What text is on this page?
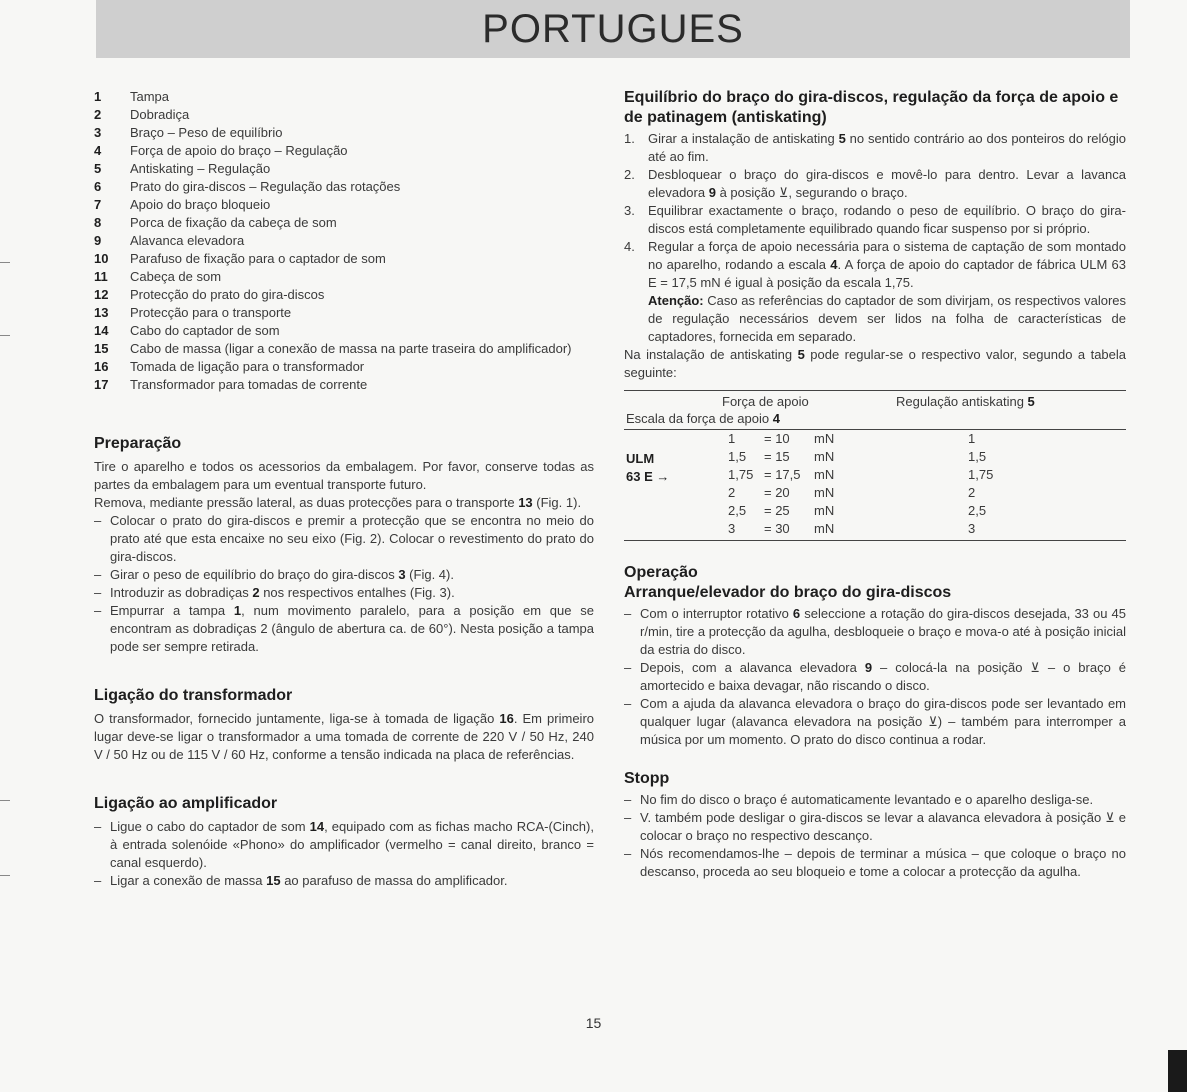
PORTUGUES
1	Tampa
2	Dobradiça
3	Braço – Peso de equilíbrio
4	Força de apoio do braço – Regulação
5	Antiskating – Regulação
6	Prato do gira-discos – Regulação das rotações
7	Apoio do braço bloqueio
8	Porca de fixação da cabeça de som
9	Alavanca elevadora
10	Parafuso de fixação para o captador de som
11	Cabeça de som
12	Protecção do prato do gira-discos
13	Protecção para o transporte
14	Cabo do captador de som
15	Cabo de massa (ligar a conexão de massa na parte traseira do amplificador)
16	Tomada de ligação para o transformador
17	Transformador para tomadas de corrente
Preparação

Tire o aparelho e todos os acessorios da embalagem. Por favor, conserve todas as partes da embalagem para um eventual transporte futuro.

Remova, mediante pressão lateral, as duas protecções para o transporte 13 (Fig. 1).

– Colocar o prato do gira-discos e premir a protecção que se encontra no meio do prato até que esta encaixe no seu eixo (Fig. 2). Colocar o revestimento do prato do gira-discos.
– Girar o peso de equilíbrio do braço do gira-discos 3 (Fig. 4).
– Introduzir as dobradiças 2 nos respectivos entalhes (Fig. 3).
– Empurrar a tampa 1, num movimento paralelo, para a posição em que se encontram as dobradiças 2 (ângulo de abertura ca. de 60°). Nesta posição a tampa pode ser sempre retirada.
Ligação do transformador

O transformador, fornecido juntamente, liga-se à tomada de ligação 16. Em primeiro lugar deve-se ligar o transformador a uma tomada de corrente de 220 V / 50 Hz, 240 V / 50 Hz ou de 115 V / 60 Hz, conforme a tensão indicada na placa de referências.

Ligação ao amplificador
– Ligue o cabo do captador de som 14, equipado com as fichas macho RCA-(Cinch), à entrada solenóide «Phono» do amplificador (vermelho = canal direito, branco = canal esquerdo).
– Ligar a conexão de massa 15 ao parafuso de massa do amplificador.
Equilíbrio do braço do gira-discos, regulação da força de apoio e de patinagem (antiskating)
1. Girar a instalação de antiskating 5 no sentido contrário ao dos ponteiros do relógio até ao fim.
2. Desbloquear o braço do gira-discos e movê-lo para dentro. Levar a lavanca elevadora 9 à posição ⊻, segurando o braço.
3. Equilibrar exactamente o braço, rodando o peso de equilíbrio. O braço do gira-discos está completamente equilibrado quando ficar suspenso por si próprio.
4. Regular a força de apoio necessária para o sistema de captação de som montado no aparelho, rodando a escala 4. A força de apoio do captador de fábrica ULM 63 E = 17,5 mN é igual à posição da escala 1,75.

Atenção: Caso as referências do captador de som divirjam, os respectivos valores de regulação necessários devem ser lidos na folha de características de captadores, fornecida em separado.

Na instalação de antiskating 5 pode regular-se o respectivo valor, segundo a tabela seguinte:

Força de apoio
Escala da força de apoio 4
Regulação antiskating 5
ULM
63 E →
1 = 10 mN	1
1,5 = 15 mN	1,5
1,75 = 17,5 mN	1,75
2 = 20 mN	2
2,5 = 25 mN	2,5
3 = 30 mN	3
Operação
Arranque/elevador do braço do gira-discos
– Com o interruptor rotativo 6 seleccione a rotação do gira-discos desejada, 33 ou 45 r/min, tire a protecção da agulha, desbloqueie o braço e mova-o até à posição inicial da estria do disco.
– Depois, com a alavanca elevadora 9 – colocá-la na posição ⊻ – o braço é amortecido e baixa devagar, não riscando o disco.
– Com a ajuda da alavanca elevadora o braço do gira-discos pode ser levantado em qualquer lugar (alavanca elevadora na posição ⊻) – também para interromper a música por um momento. O prato do disco continua a rodar.
Stopp
– No fim do disco o braço é automaticamente levantado e o aparelho desliga-se.
– V. também pode desligar o gira-discos se levar a alavanca elevadora à posição ⊻ e colocar o braço no respectivo descanço.
– Nós recomendamos-lhe – depois de terminar a música – que coloque o braço no descanso, proceda ao seu bloqueio e tome a colocar a protecção da agulha.
15
